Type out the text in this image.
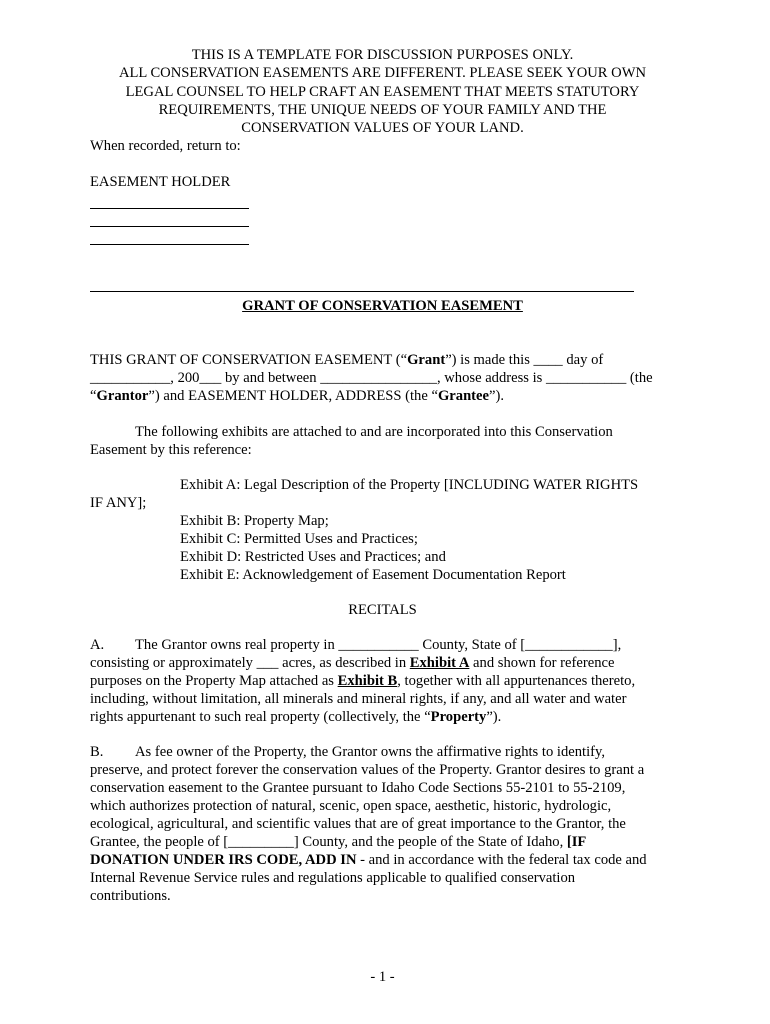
THIS IS A TEMPLATE FOR DISCUSSION PURPOSES ONLY.
ALL CONSERVATION EASEMENTS ARE DIFFERENT. PLEASE SEEK YOUR OWN
LEGAL COUNSEL TO HELP CRAFT AN EASEMENT THAT MEETS STATUTORY
REQUIREMENTS, THE UNIQUE NEEDS OF YOUR FAMILY AND THE
CONSERVATION VALUES OF YOUR LAND.
When recorded, return to:
EASEMENT HOLDER
GRANT OF CONSERVATION EASEMENT
THIS GRANT OF CONSERVATION EASEMENT (“Grant”) is made this ____ day of
___________, 200___ by and between ________________, whose address is ___________ (the
“Grantor”) and EASEMENT HOLDER, ADDRESS (the “Grantee”).
The following exhibits are attached to and are incorporated into this Conservation
Easement by this reference:
Exhibit A: Legal Description of the Property [INCLUDING WATER RIGHTS
IF ANY];
Exhibit B: Property Map;
Exhibit C: Permitted Uses and Practices;
Exhibit D: Restricted Uses and Practices; and
Exhibit E: Acknowledgement of Easement Documentation Report
RECITALS
A. The Grantor owns real property in ___________ County, State of [____________],
consisting or approximately ___ acres, as described in Exhibit A and shown for reference
purposes on the Property Map attached as Exhibit B, together with all appurtenances thereto,
including, without limitation, all minerals and mineral rights, if any, and all water and water
rights appurtenant to such real property (collectively, the “Property”).
B. As fee owner of the Property, the Grantor owns the affirmative rights to identify,
preserve, and protect forever the conservation values of the Property. Grantor desires to grant a
conservation easement to the Grantee pursuant to Idaho Code Sections 55-2101 to 55-2109,
which authorizes protection of natural, scenic, open space, aesthetic, historic, hydrologic,
ecological, agricultural, and scientific values that are of great importance to the Grantor, the
Grantee, the people of [_________] County, and the people of the State of Idaho, [IF
DONATION UNDER IRS CODE, ADD IN - and in accordance with the federal tax code and
Internal Revenue Service rules and regulations applicable to qualified conservation
contributions.
- 1 -
